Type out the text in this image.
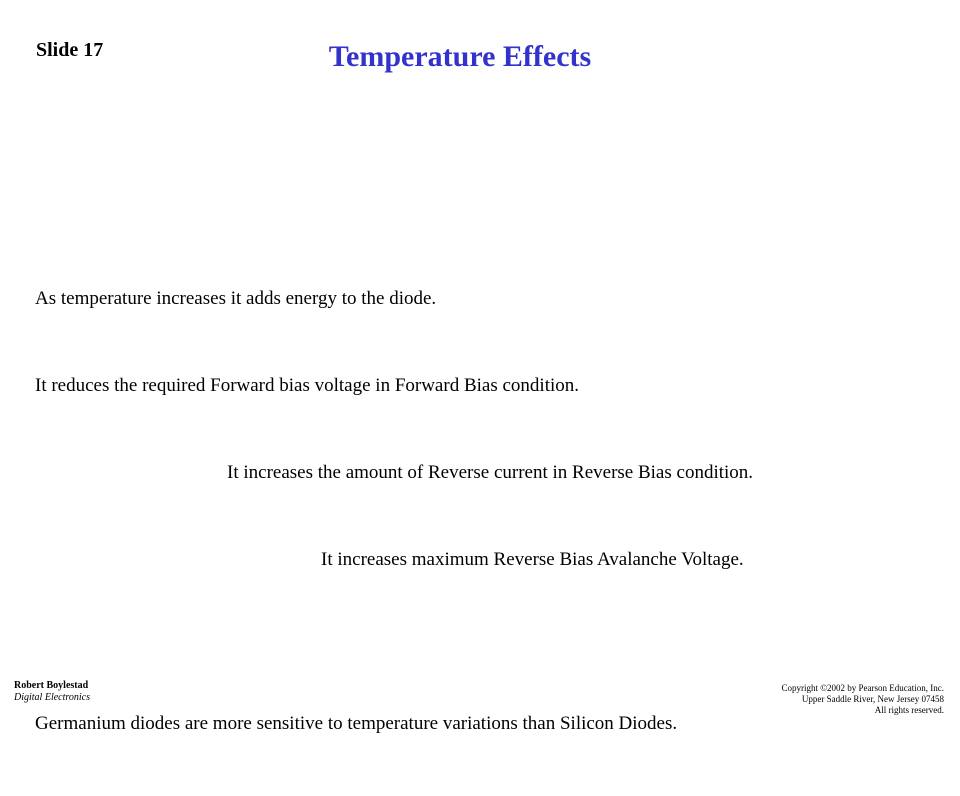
Slide 17	Temperature Effects

As temperature increases it adds energy to the diode.

It reduces the required Forward bias voltage in Forward Bias condition.

It increases the amount of Reverse current in Reverse Bias condition.

It increases maximum Reverse Bias Avalanche Voltage.

Germanium diodes are more sensitive to temperature variations than Silicon Diodes.

Robert Boylestad
Digital Electronics
Copyright ©2002 by Pearson Education, Inc.
Upper Saddle River, New Jersey 07458
All rights reserved.
